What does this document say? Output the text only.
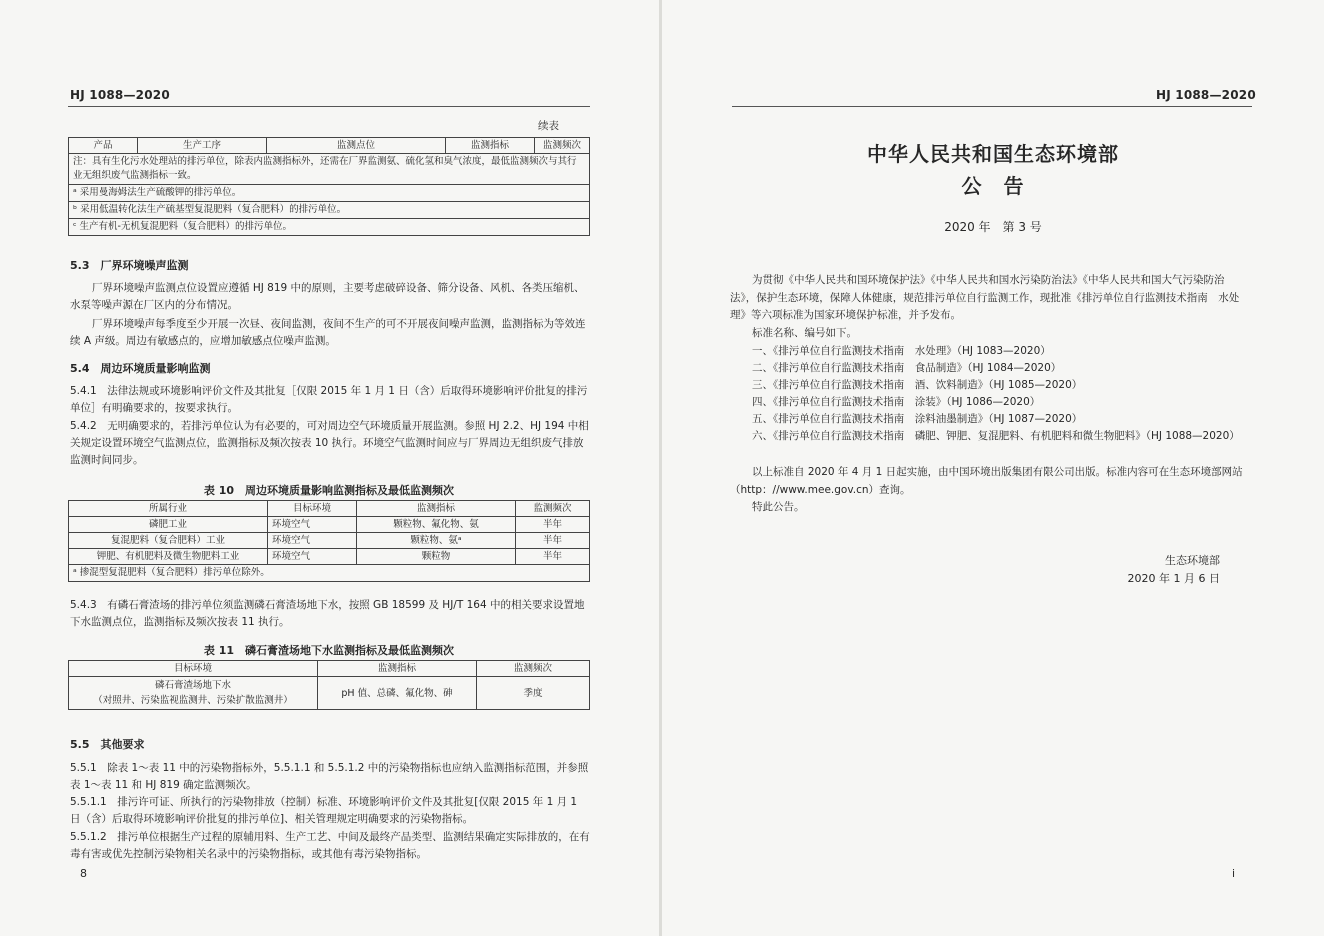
HJ 1088—2020
续表
产品	生产工序	监测点位	监测指标	监测频次
注：具有生化污水处理站的排污单位，除表内监测指标外，还需在厂界监测氨、硫化氢和臭气浓度，最低监测频次与其行业无组织废气监测指标一致。
ᵃ 采用曼海姆法生产硫酸钾的排污单位。
ᵇ 采用低温转化法生产硫基型复混肥料（复合肥料）的排污单位。
ᶜ 生产有机-无机复混肥料（复合肥料）的排污单位。
5.3　厂界环境噪声监测
厂界环境噪声监测点位设置应遵循 HJ 819 中的原则，主要考虑破碎设备、筛分设备、风机、各类压缩机、水泵等噪声源在厂区内的分布情况。
厂界环境噪声每季度至少开展一次昼、夜间监测，夜间不生产的可不开展夜间噪声监测，监测指标为等效连续 A 声级。周边有敏感点的，应增加敏感点位噪声监测。
5.4　周边环境质量影响监测
5.4.1　法律法规或环境影响评价文件及其批复［仅限 2015 年 1 月 1 日（含）后取得环境影响评价批复的排污单位］有明确要求的，按要求执行。
5.4.2　无明确要求的，若排污单位认为有必要的，可对周边空气环境质量开展监测。参照 HJ 2.2、HJ 194 中相关规定设置环境空气监测点位，监测指标及频次按表 10 执行。环境空气监测时间应与厂界周边无组织废气排放监测时间同步。
表 10　周边环境质量影响监测指标及最低监测频次
所属行业	目标环境	监测指标	监测频次
磷肥工业	环境空气	颗粒物、氟化物、氨	半年
复混肥料（复合肥料）工业	环境空气	颗粒物、氨ᵃ	半年
钾肥、有机肥料及微生物肥料工业	环境空气	颗粒物	半年
ᵃ 掺混型复混肥料（复合肥料）排污单位除外。			
5.4.3　有磷石膏渣场的排污单位须监测磷石膏渣场地下水，按照 GB 18599 及 HJ/T 164 中的相关要求设置地下水监测点位，监测指标及频次按表 11 执行。
表 11　磷石膏渣场地下水监测指标及最低监测频次
目标环境	监测指标	监测频次

磷石膏渣场地下水
（对照井、污染监视监测井、污染扩散监测井）	pH 值、总磷、氟化物、砷	季度
5.5　其他要求
5.5.1　除表 1～表 11 中的污染物指标外，5.5.1.1 和 5.5.1.2 中的污染物指标也应纳入监测指标范围，并参照表 1～表 11 和 HJ 819 确定监测频次。
5.5.1.1　排污许可证、所执行的污染物排放（控制）标准、环境影响评价文件及其批复[仅限 2015 年 1 月 1 日（含）后取得环境影响评价批复的排污单位]、相关管理规定明确要求的污染物指标。
5.5.1.2　排污单位根据生产过程的原辅用料、生产工艺、中间及最终产品类型、监测结果确定实际排放的，在有毒有害或优先控制污染物相关名录中的污染物指标，或其他有毒污染物指标。
8
HJ 1088—2020
中华人民共和国生态环境部
公　告
2020 年　第 3 号
为贯彻《中华人民共和国环境保护法》《中华人民共和国水污染防治法》《中华人民共和国大气污染防治法》，保护生态环境，保障人体健康，规范排污单位自行监测工作，现批准《排污单位自行监测技术指南　水处理》等六项标准为国家环境保护标准，并予发布。
标准名称、编号如下。
一、《排污单位自行监测技术指南　水处理》（HJ 1083—2020）
二、《排污单位自行监测技术指南　食品制造》（HJ 1084—2020）
三、《排污单位自行监测技术指南　酒、饮料制造》（HJ 1085—2020）
四、《排污单位自行监测技术指南　涂装》（HJ 1086—2020）
五、《排污单位自行监测技术指南　涂料油墨制造》（HJ 1087—2020）
六、《排污单位自行监测技术指南　磷肥、钾肥、复混肥料、有机肥料和微生物肥料》（HJ 1088—2020）
以上标准自 2020 年 4 月 1 日起实施，由中国环境出版集团有限公司出版。标准内容可在生态环境部网站（http：//www.mee.gov.cn）查询。
特此公告。
生态环境部
2020 年 1 月 6 日
i
